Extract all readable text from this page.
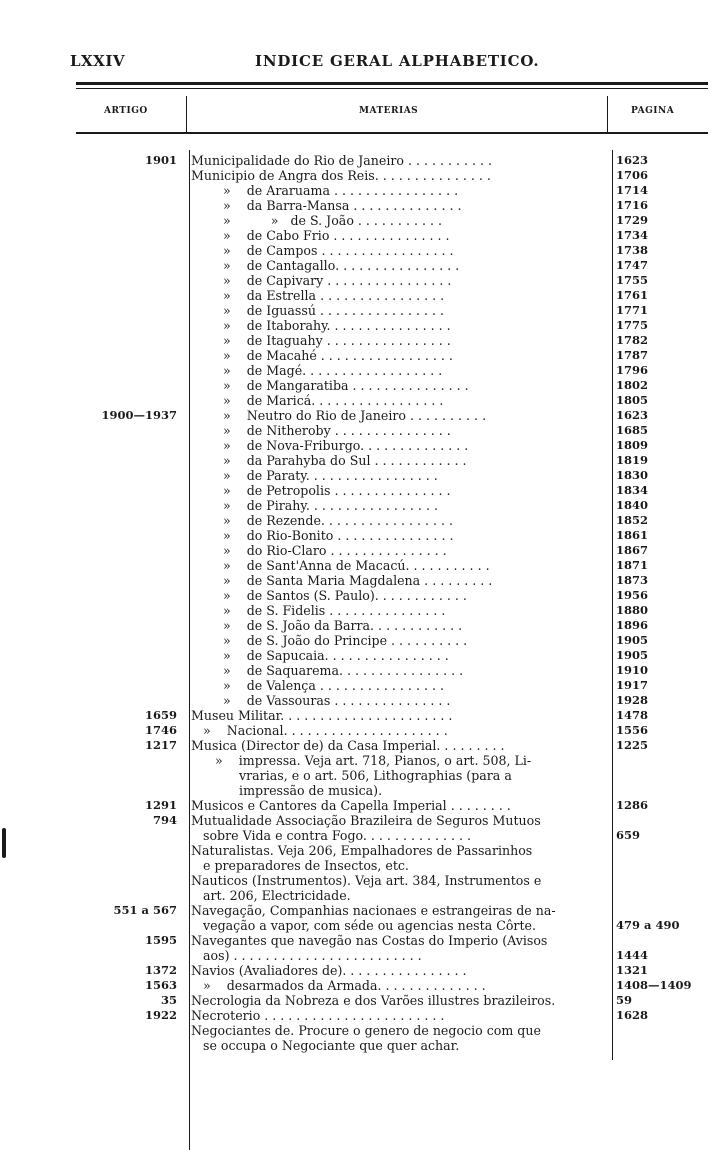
LXXIV	INDICE GERAL ALPHABETICO.
ARTIGO	MATERIAS	PAGINA
1901 Municipalidade do Rio de Janeiro . . . . . . . . . . .	1623
Municipio de Angra dos Reis. . . . . . . . . . . . . . .	1706
»    de Araruama . . . . . . . . . . . . . . . .	1714
»    da Barra-Mansa . . . . . . . . . . . . . .	1716
»          »   de S. João . . . . . . . . . . .	1729
»    de Cabo Frio . . . . . . . . . . . . . . .	1734
»    de Campos . . . . . . . . . . . . . . . . .	1738
»    de Cantagallo. . . . . . . . . . . . . . . .	1747
»    de Capivary . . . . . . . . . . . . . . . .	1755
»    da Estrella . . . . . . . . . . . . . . . .	1761
»    de Iguassú . . . . . . . . . . . . . . . .	1771
»    de Itaborahy. . . . . . . . . . . . . . . .	1775
»    de Itaguahy . . . . . . . . . . . . . . . .	1782
»    de Macahé . . . . . . . . . . . . . . . . .	1787
»    de Magé. . . . . . . . . . . . . . . . . .	1796
»    de Mangaratiba . . . . . . . . . . . . . . .	1802
»    de Maricá. . . . . . . . . . . . . . . . .	1805
1900—1937 »    Neutro do Rio de Janeiro . . . . . . . . . .	1623
»    de Nitheroby . . . . . . . . . . . . . . .	1685
»    de Nova-Friburgo. . . . . . . . . . . . . .	1809
»    da Parahyba do Sul . . . . . . . . . . . .	1819
»    de Paraty. . . . . . . . . . . . . . . . .	1830
»    de Petropolis . . . . . . . . . . . . . . .	1834
»    de Pirahy. . . . . . . . . . . . . . . . .	1840
»    de Rezende. . . . . . . . . . . . . . . . .	1852
»    do Rio-Bonito . . . . . . . . . . . . . . .	1861
»    do Rio-Claro . . . . . . . . . . . . . . .	1867
»    de Sant'Anna de Macacú. . . . . . . . . . .	1871
»    de Santa Maria Magdalena . . . . . . . . .	1873
»    de Santos (S. Paulo). . . . . . . . . . . .	1956
»    de S. Fidelis . . . . . . . . . . . . . . .	1880
»    de S. João da Barra. . . . . . . . . . . .	1896
»    de S. João do Principe . . . . . . . . . .	1905
»    de Sapucaia. . . . . . . . . . . . . . . .	1905
»    de Saquarema. . . . . . . . . . . . . . . .	1910
»    de Valença . . . . . . . . . . . . . . . .	1917
»    de Vassouras . . . . . . . . . . . . . . .	1928
1659 Museu Militar. . . . . . . . . . . . . . . . . . . . . .	1478
1746 »    Nacional. . . . . . . . . . . . . . . . . . . . .	1556
1217 Musica (Director de) da Casa Imperial. . . . . . . . .	1225
»    impressa. Veja art. 718, Pianos, o art. 508, Li-
vrarias, e o art. 506, Lithographias (para a
impressão de musica).
1291 Musicos e Cantores da Capella Imperial . . . . . . . .	1286
794 Mutualidade Associação Brazileira de Seguros Mutuos
sobre Vida e contra Fogo. . . . . . . . . . . . . .	659
Naturalistas. Veja 206, Empalhadores de Passarinhos
e preparadores de Insectos, etc.
Nauticos (Instrumentos). Veja art. 384, Instrumentos e
art. 206, Electricidade.
551 a 567 Navegação, Companhias nacionaes e estrangeiras de na-
vegação a vapor, com séde ou agencias nesta Côrte.	479 a 490
1595 Navegantes que navegão nas Costas do Imperio (Avisos
aos) . . . . . . . . . . . . . . . . . . . . . . . .	1444
1372 Navios (Avaliadores de). . . . . . . . . . . . . . . .	1321
1563 »    desarmados da Armada. . . . . . . . . . . . . .	1408—1409
35 Necrologia da Nobreza e dos Varões illustres brazileiros.	59
1922 Necroterio . . . . . . . . . . . . . . . . . . . . . . .	1628
Negociantes de. Procure o genero de negocio com que
se occupa o Negociante que quer achar.
